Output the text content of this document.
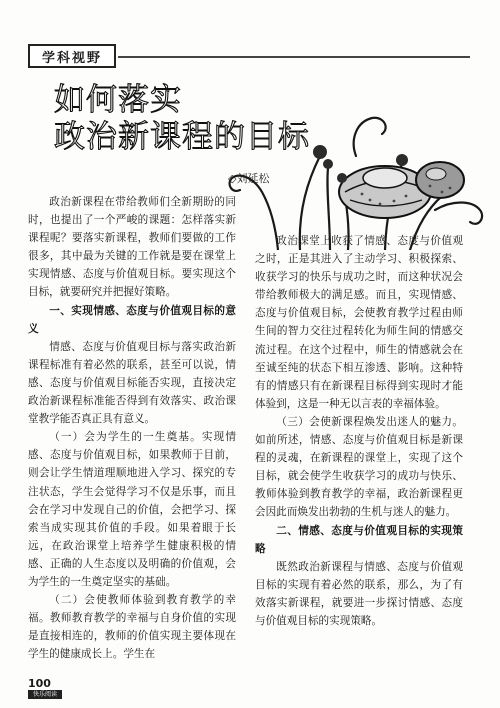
学科视野
如何落实
政治新课程的目标
◇刘延松

政治新课程在带给教师们全新期盼的同时，也提出了一个严峻的课题：怎样落实新课程呢？要落实新课程，教师们要做的工作很多，其中最为关键的工作就是要在课堂上实现情感、态度与价值观目标。要实现这个目标，就要研究并把握好策略。

一、实现情感、态度与价值观目标的意义

情感、态度与价值观目标与落实政治新课程标准有着必然的联系，甚至可以说，情感、态度与价值观目标能否实现，直接决定政治新课程标准能否得到有效落实、政治课堂教学能否真正具有意义。

（一）会为学生的一生奠基。实现情感、态度与价值观目标，如果教师于目前，则会让学生情道理顺地进入学习、探究的专注状态，学生会觉得学习不仅是乐事，而且会在学习中发现自己的价值，会把学习、探索当成实现其价值的手段。如果着眼于长远，在政治课堂上培养学生健康积极的情感、正确的人生态度以及明确的价值观，会为学生的一生奠定坚实的基础。

（二）会使教师体验到教育教学的幸福。教师教育教学的幸福与自身价值的实现是直接相连的，教师的价值实现主要体现在学生的健康成长上。学生在

政治课堂上收获了情感、态度与价值观之时，正是其进入了主动学习、积极探索、收获学习的快乐与成功之时，而这种状况会带给教师极大的满足感。而且，实现情感、态度与价值观目标，会使教育教学过程由师生间的智力交往过程转化为师生间的情感交流过程。在这个过程中，师生的情感就会在至诚至纯的状态下相互渗透、影响。这种特有的情感只有在新课程目标得到实现时才能体验到，这是一种无以言表的幸福体验。

（三）会使新课程焕发出迷人的魅力。如前所述，情感、态度与价值观目标是新课程的灵魂，在新课程的课堂上，实现了这个目标，就会使学生收获学习的成功与快乐、教师体验到教育教学的幸福，政治新课程更会因此而焕发出勃勃的生机与迷人的魅力。

二、情感、态度与价值观目标的实现策略

既然政治新课程与情感、态度与价值观目标的实现有着必然的联系，那么，为了有效落实新课程，就要进一步探讨情感、态度与价值观目标的实现策略。

100
快乐阅读
